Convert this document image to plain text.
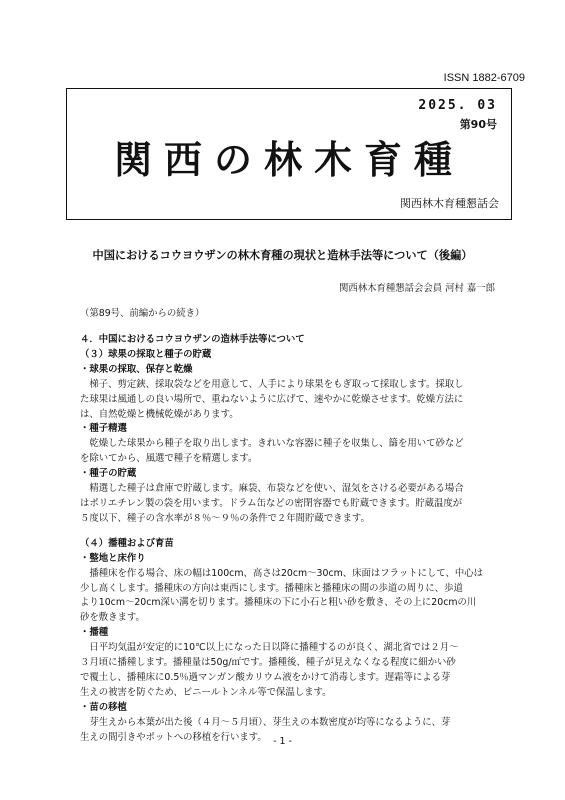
ISSN 1882-6709
2025. 03
第90号
関西の林木育種
関西林木育種懇話会
中国におけるコウヨウザンの林木育種の現状と造林手法等について（後編）
関西林木育種懇話会会員 河村 嘉一郎
（第89号、前編からの続き）

４．中国におけるコウヨウザンの造林手法等について

（３）球果の採取と種子の貯蔵

・球果の採取、保存と乾燥

梯子、剪定鋏、採取袋などを用意して、人手により球果をもぎ取って採取します。採取し

た球果は風通しの良い場所で、重ねないように広げて、速やかに乾燥させます。乾燥方法に

は、自然乾燥と機械乾燥があります。

・種子精選

乾燥した球果から種子を取り出します。きれいな容器に種子を収集し、篩を用いて砂など

を除いてから、風選で種子を精選します。

・種子の貯蔵

精選した種子は倉庫で貯蔵します。麻袋、布袋などを使い、湿気をさける必要がある場合

はポリエチレン製の袋を用います。ドラム缶などの密閉容器でも貯蔵できます。貯蔵温度が

５度以下、種子の含水率が８％～９％の条件で２年間貯蔵できます。

（４）播種および育苗

・整地と床作り

播種床を作る場合、床の幅は100cm、高さは20cm～30cm、床面はフラットにして、中心は

少し高くします。播種床の方向は東西にします。播種床と播種床の間の歩道の周りに、歩道

より10cm～20cm深い溝を切ります。播種床の下に小石と粗い砂を敷き、その上に20cmの川

砂を敷きます。

・播種

日平均気温が安定的に10℃以上になった日以降に播種するのが良く、湖北省では２月～

３月頃に播種します。播種量は50g/㎡です。播種後、種子が見えなくなる程度に細かい砂

で覆土し、播種床に0.5％過マンガン酸カリウム液をかけて消毒します。遅霜等による芽

生えの被害を防ぐため、ビニールトンネル等で保温します。

・苗の移植

芽生えから本葉が出た後（４月～５月頃）、芽生えの本数密度が均等になるように、芽

生えの間引きやポットへの移植を行います。 - 1 -
